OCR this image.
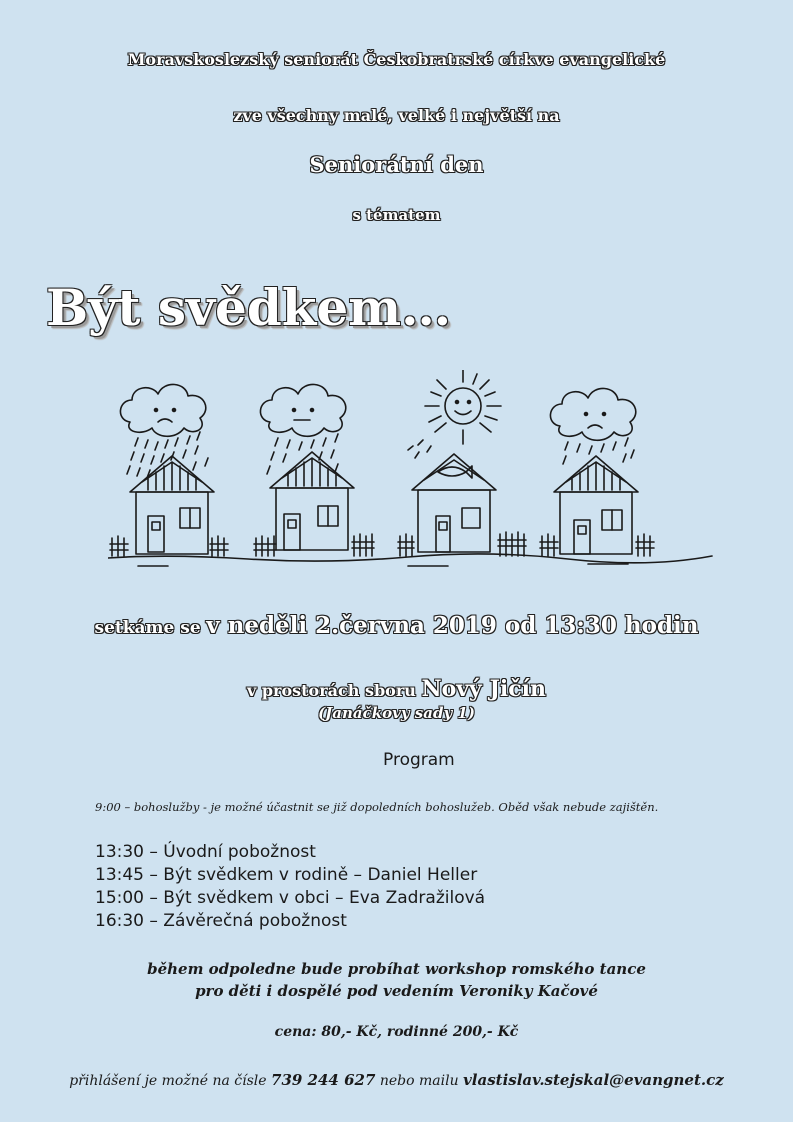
Moravskoslezský seniorát Českobratrské církve evangelické
zve všechny malé, velké i největší na
Seniorátní den
s tématem
Být svědkem…
setkáme se v neděli 2.června 2019 od 13:30 hodin
v prostorách sboru Nový Jičín
(Janáčkovy sady 1)
Program
9:00 – bohoslužby - je možné účastnit se již dopoledních bohoslužeb. Oběd však nebude zajištěn.
13:30 – Úvodní pobožnost
13:45 – Být svědkem v rodině – Daniel Heller
15:00 – Být svědkem v obci – Eva Zadražilová
16:30 – Závěrečná pobožnost
během odpoledne bude probíhat workshop romského tance
pro děti i dospělé pod vedením Veroniky Kačové
cena: 80,- Kč, rodinné 200,- Kč
přihlášení je možné na čísle 739 244 627 nebo mailu vlastislav.stejskal@evangnet.cz
